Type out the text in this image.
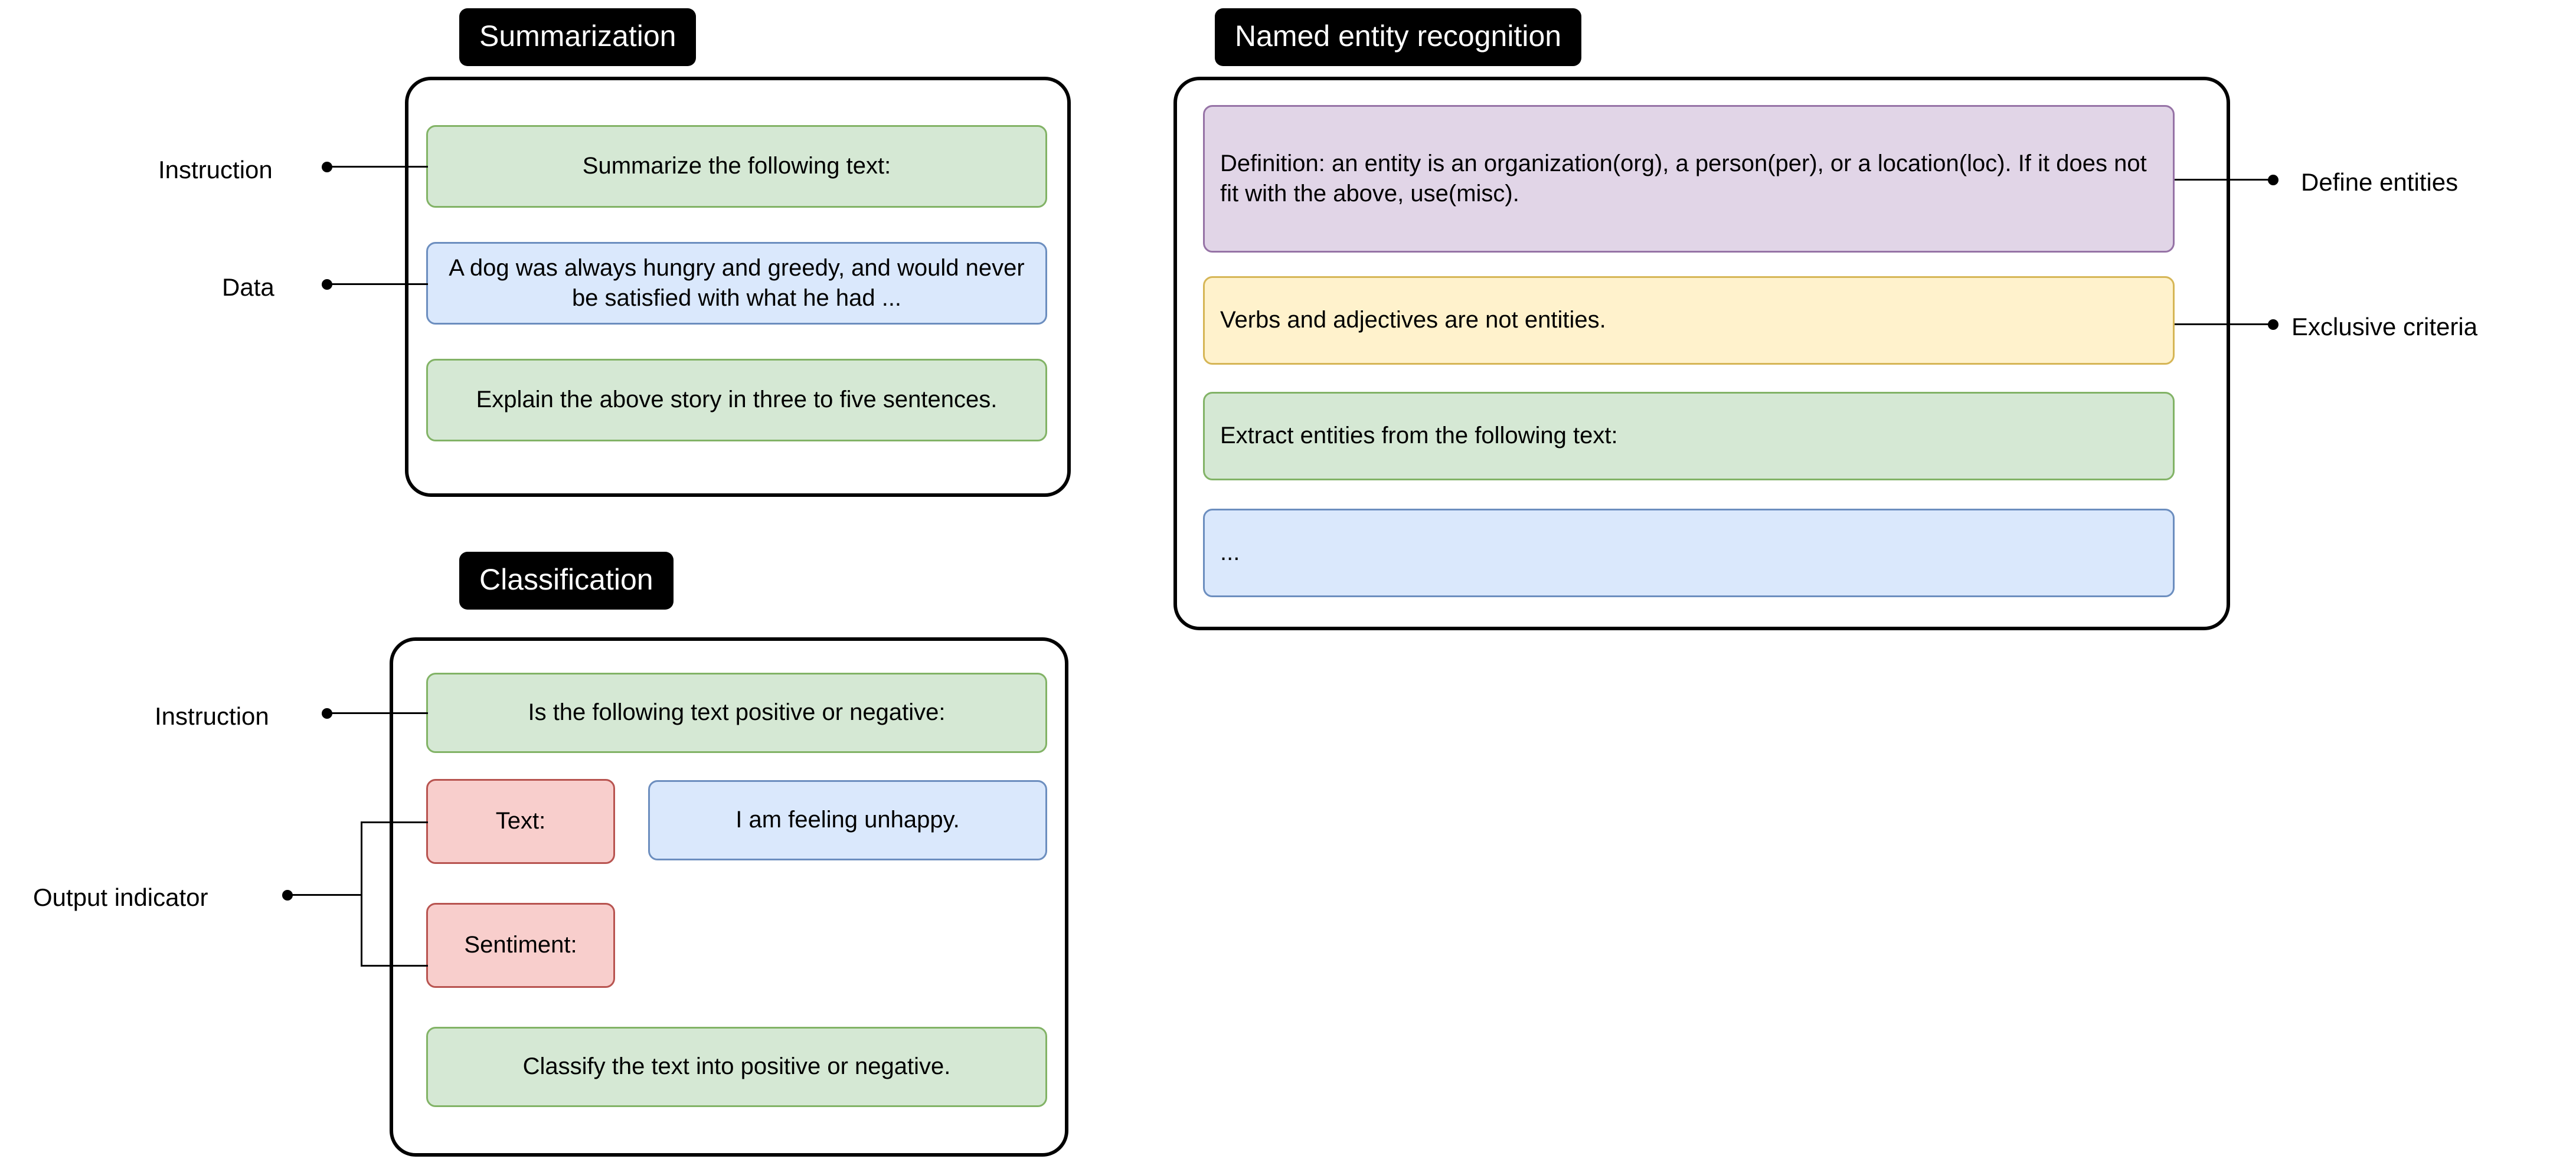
Summarization
Summarize the following text:
A dog was always hungry and greedy, and would never be satisfied with what he had ...
Explain the above story in three to five sentences.
Instruction
Data
Classification
Is the following text positive or negative:
Text:	I am feeling unhappy.
Sentiment:
Classify the text into positive or negative.
Instruction
Output indicator
Named entity recognition
Definition: an entity is an organization(org), a person(per), or a location(loc). If it does not fit with the above, use(misc).
Verbs and adjectives are not entities.
Extract entities from the following text:
...
Define entities
Exclusive criteria
